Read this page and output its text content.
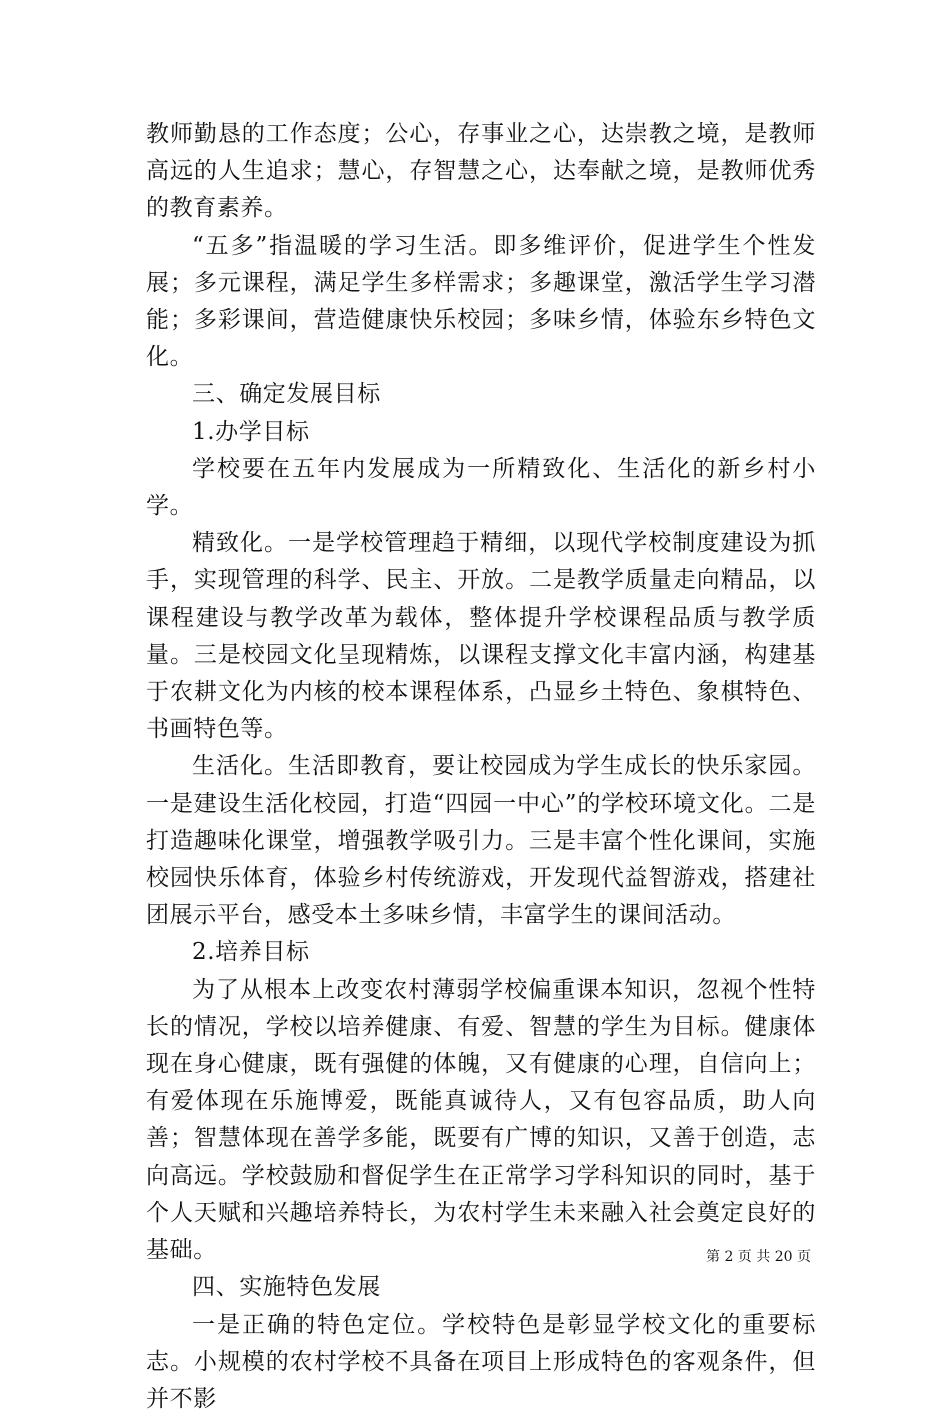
教师勤恳的工作态度；公心，存事业之心，达崇教之境，是教师高远的人生追求；慧心，存智慧之心，达奉献之境，是教师优秀的教育素养。

“五多”指温暖的学习生活。即多维评价，促进学生个性发展；多元课程，满足学生多样需求；多趣课堂，激活学生学习潜能；多彩课间，营造健康快乐校园；多味乡情，体验东乡特色文化。

三、确定发展目标

1.办学目标

学校要在五年内发展成为一所精致化、生活化的新乡村小学。

精致化。一是学校管理趋于精细，以现代学校制度建设为抓手，实现管理的科学、民主、开放。二是教学质量走向精品，以课程建设与教学改革为载体，整体提升学校课程品质与教学质量。三是校园文化呈现精炼，以课程支撑文化丰富内涵，构建基于农耕文化为内核的校本课程体系，凸显乡土特色、象棋特色、书画特色等。

生活化。生活即教育，要让校园成为学生成长的快乐家园。一是建设生活化校园，打造“四园一中心”的学校环境文化。二是打造趣味化课堂，增强教学吸引力。三是丰富个性化课间，实施校园快乐体育，体验乡村传统游戏，开发现代益智游戏，搭建社团展示平台，感受本土多味乡情，丰富学生的课间活动。

2.培养目标

为了从根本上改变农村薄弱学校偏重课本知识，忽视个性特长的情况，学校以培养健康、有爱、智慧的学生为目标。健康体现在身心健康，既有强健的体魄，又有健康的心理，自信向上；有爱体现在乐施博爱，既能真诚待人，又有包容品质，助人向善；智慧体现在善学多能，既要有广博的知识，又善于创造，志向高远。学校鼓励和督促学生在正常学习学科知识的同时，基于个人天赋和兴趣培养特长，为农村学生未来融入社会奠定良好的基础。

四、实施特色发展

一是正确的特色定位。学校特色是彰显学校文化的重要标志。小规模的农村学校不具备在项目上形成特色的客观条件，但并不影

第 2 页 共 20 页
